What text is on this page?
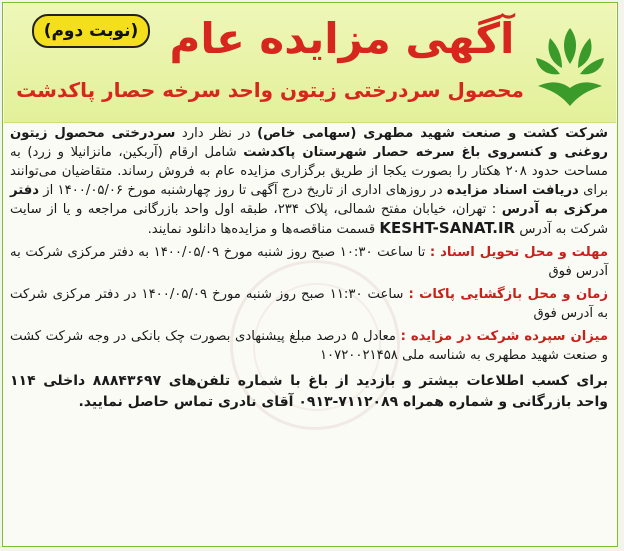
(نوبت دوم) آگهی مزایده عام
محصول سردرختی زیتون واحد سرخه حصار پاکدشت

شرکت کشت و صنعت شهید مطهری (سهامی خاص) در نظر دارد سردرختی محصول زیتون روغنی و کنسروی باغ سرخه حصار شهرستان پاکدشت شامل ارقام (آربکین، مانزانیلا و زرد) به مساحت حدود ۲۰۸ هکتار را بصورت یکجا از طریق برگزاری مزایده عام به فروش رساند. متقاضیان می‌توانند برای دریافت اسناد مزایده در روزهای اداری از تاریخ درج آگهی تا روز چهارشنبه مورخ ۱۴۰۰/۰۵/۰۶ از دفتر مرکزی به آدرس : تهران، خیابان مفتح شمالی، پلاک ۲۳۴، طبقه اول واحد بازرگانی مراجعه و یا از سایت شرکت به آدرس KESHT-SANAT.IR قسمت مناقصه‌ها و مزایده‌ها دانلود نمایند.

مهلت و محل تحویل اسناد : تا ساعت ۱۰:۳۰ صبح روز شنبه مورخ ۱۴۰۰/۰۵/۰۹ به دفتر مرکزی شرکت به آدرس فوق

زمان و محل بازگشایی پاکات : ساعت ۱۱:۳۰ صبح روز شنبه مورخ ۱۴۰۰/۰۵/۰۹ در دفتر مرکزی شرکت به آدرس فوق

میزان سپرده شرکت در مزایده : معادل ۵ درصد مبلغ پیشنهادی بصورت چک بانکی در وجه شرکت کشت و صنعت شهید مطهری به شناسه ملی ۱۰۷۲۰۰۲۱۴۵۸

برای کسب اطلاعات بیشتر و بازدید از باغ با شماره تلفن‌های ۸۸۸۴۳۶۹۷ داخلی ۱۱۴ واحد بازرگانی و شماره همراه ۷۱۱۲۰۸۹-۰۹۱۳ آقای نادری تماس حاصل نمایید.
